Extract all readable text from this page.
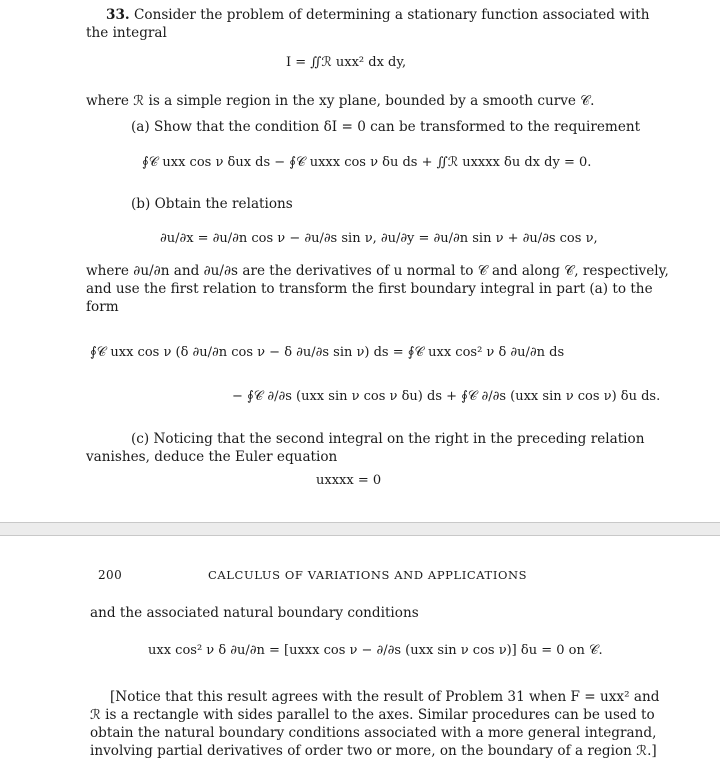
33. Consider the problem of determining a stationary function associated with
the integral
I = ∬ℛ uxx² dx dy,
where ℛ is a simple region in the xy plane, bounded by a smooth curve 𝒞.
(a) Show that the condition δI = 0 can be transformed to the requirement
∮𝒞 uxx cos ν δux ds − ∮𝒞 uxxx cos ν δu ds + ∬ℛ uxxxx δu dx dy = 0.
(b) Obtain the relations
∂u/∂x = ∂u/∂n cos ν − ∂u/∂s sin ν, ∂u/∂y = ∂u/∂n sin ν + ∂u/∂s cos ν,
where ∂u/∂n and ∂u/∂s are the derivatives of u normal to 𝒞 and along 𝒞, respectively,
and use the first relation to transform the first boundary integral in part (a) to the
form
∮𝒞 uxx cos ν (δ ∂u/∂n cos ν − δ ∂u/∂s sin ν) ds = ∮𝒞 uxx cos² ν δ ∂u/∂n ds
− ∮𝒞 ∂/∂s (uxx sin ν cos ν δu) ds + ∮𝒞 ∂/∂s (uxx sin ν cos ν) δu ds.
(c) Noticing that the second integral on the right in the preceding relation
vanishes, deduce the Euler equation
uxxxx = 0
200	CALCULUS OF VARIATIONS AND APPLICATIONS
and the associated natural boundary conditions
uxx cos² ν δ ∂u/∂n = [uxxx cos ν − ∂/∂s (uxx sin ν cos ν)] δu = 0 on 𝒞.
[Notice that this result agrees with the result of Problem 31 when F = uxx² and
ℛ is a rectangle with sides parallel to the axes. Similar procedures can be used to
obtain the natural boundary conditions associated with a more general integrand,
involving partial derivatives of order two or more, on the boundary of a region ℛ.]
